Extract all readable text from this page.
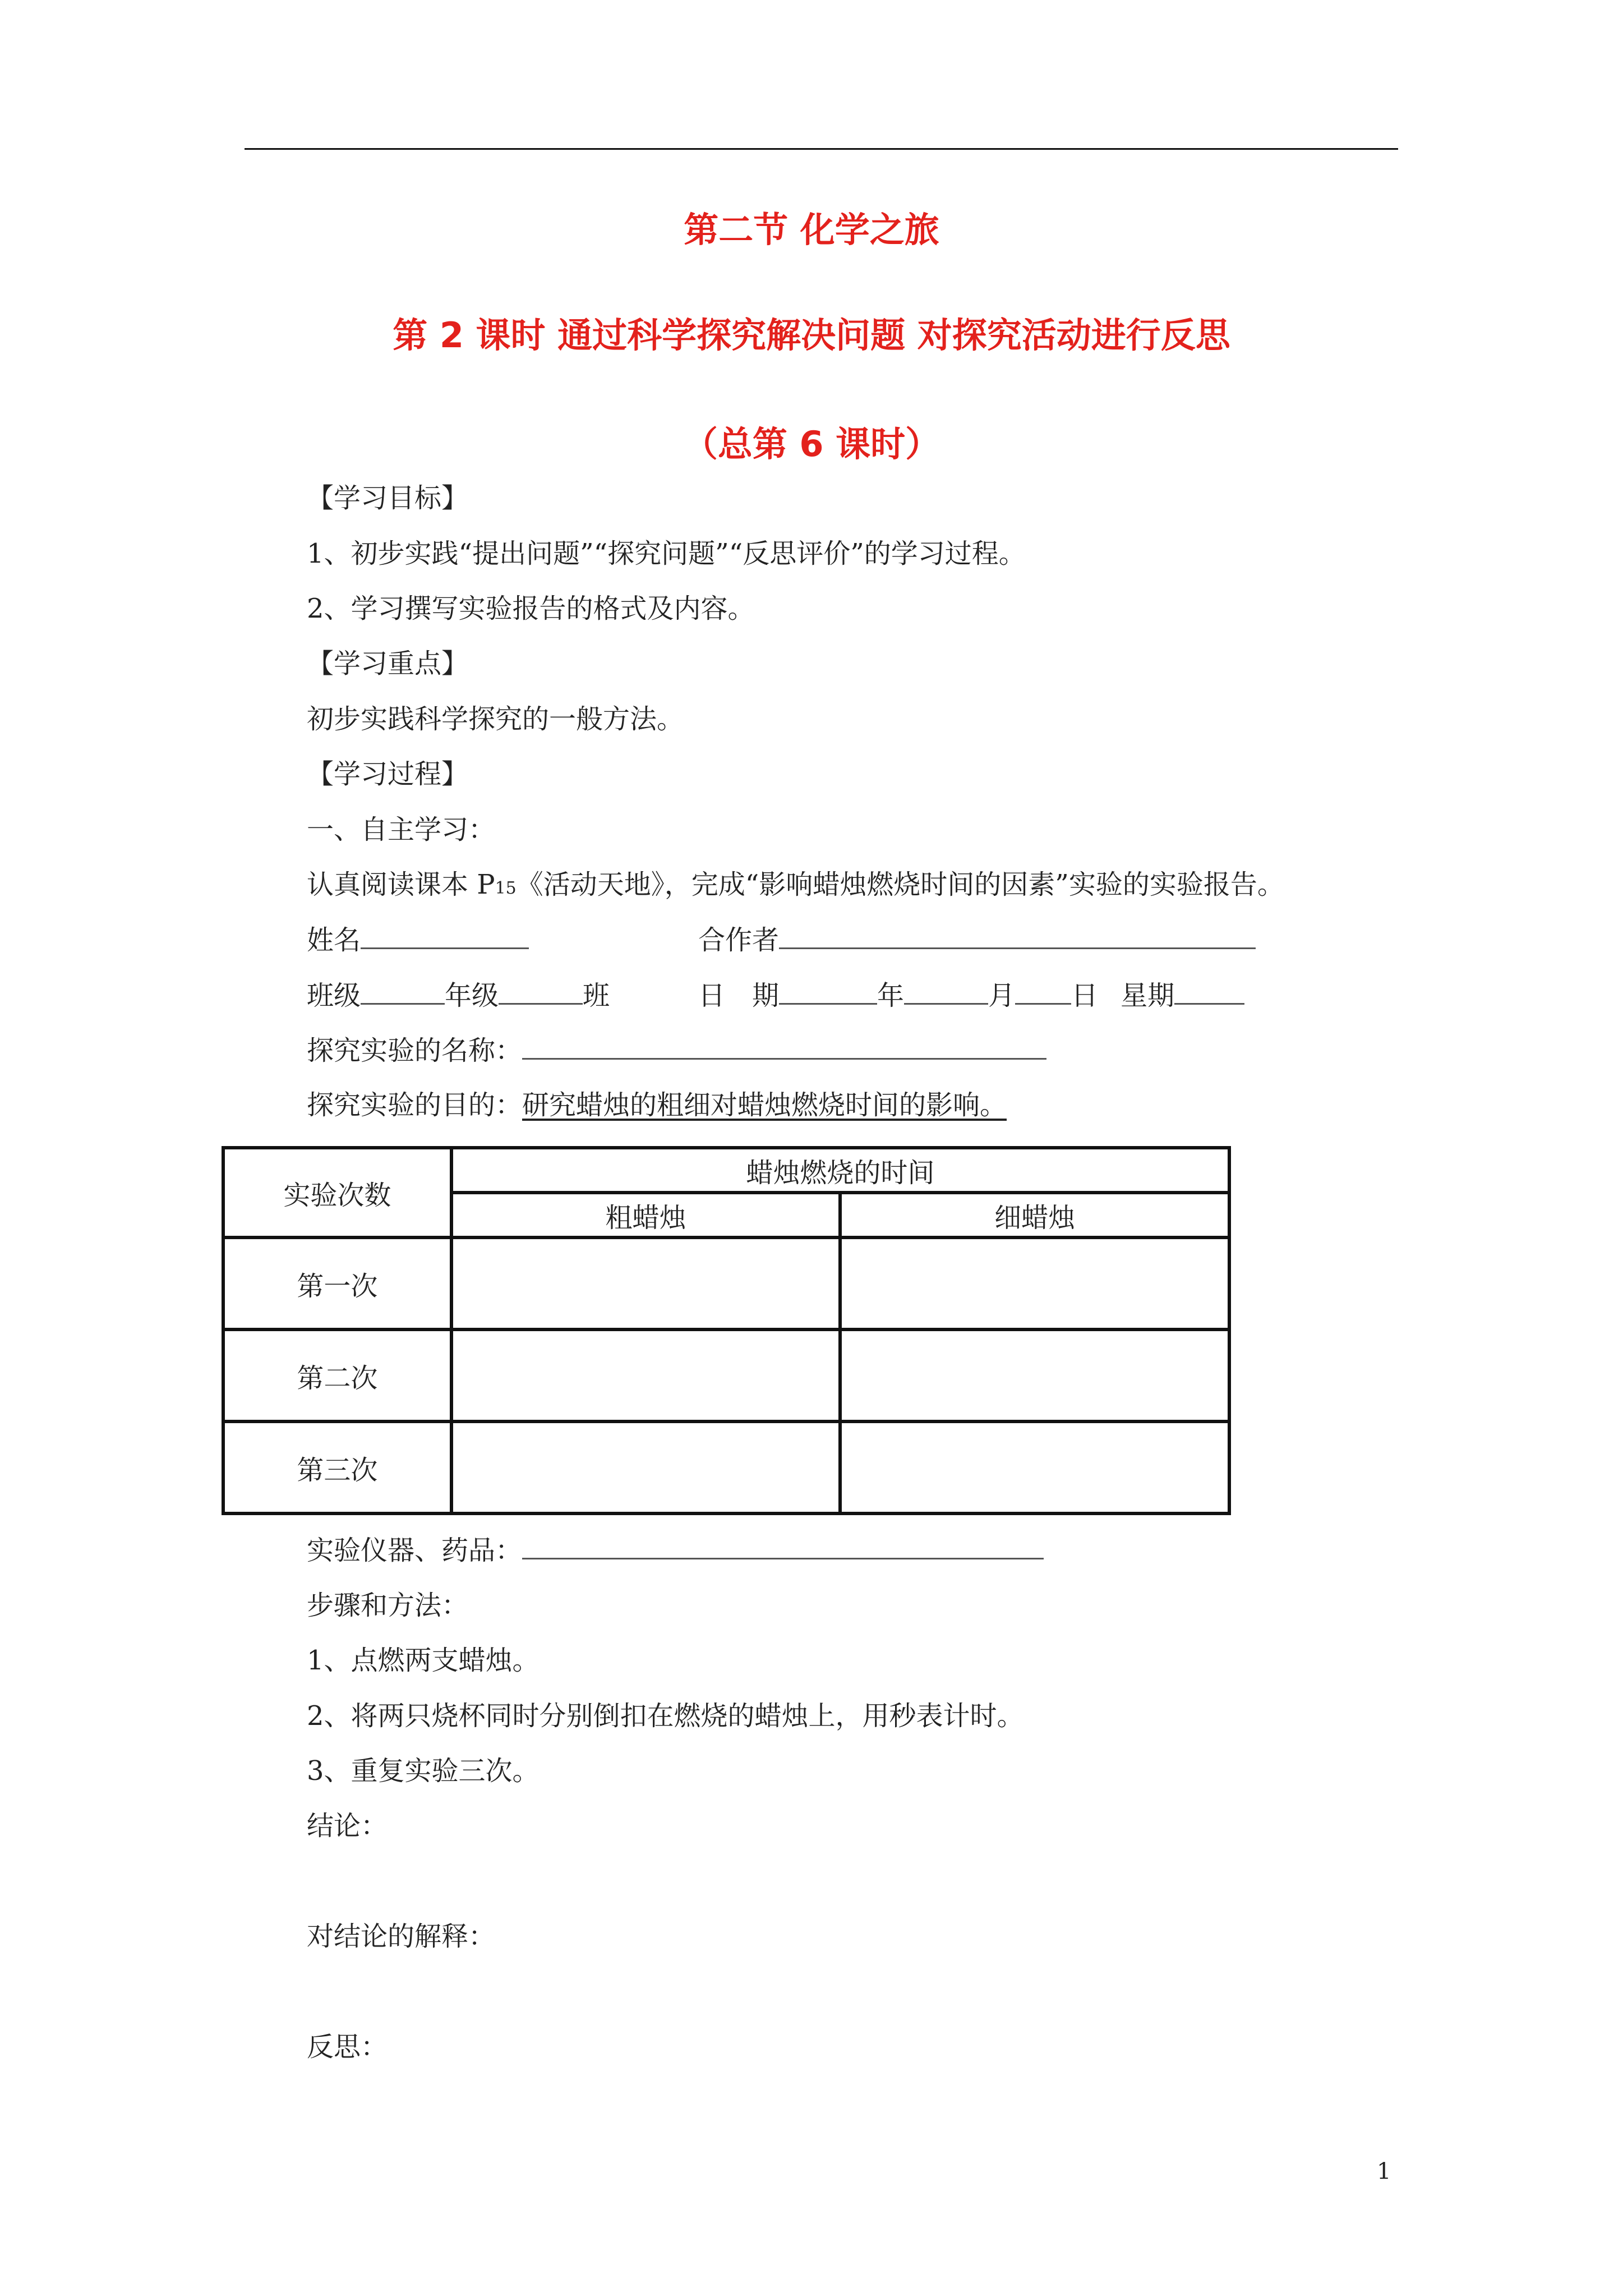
第二节 化学之旅
第 2 课时 通过科学探究解决问题 对探究活动进行反思
（总第 6 课时）
【学习目标】
1、初步实践“提出问题”“探究问题”“反思评价”的学习过程。
2、学习撰写实验报告的格式及内容。
【学习重点】
初步实践科学探究的一般方法。
【学习过程】
一、自主学习：
认真阅读课本 P15《活动天地》，完成“影响蜡烛燃烧时间的因素”实验的实验报告。
姓名	合作者
班级	年级	班	日　期	年	月 日 星期
探究实验的名称：
探究实验的目的：研究蜡烛的粗细对蜡烛燃烧时间的影响。
实验次数	蜡烛燃烧的时间	
	粗蜡烛	细蜡烛
第一次		
第二次		
第三次		
实验仪器、药品：
步骤和方法：
1、点燃两支蜡烛。
2、将两只烧杯同时分别倒扣在燃烧的蜡烛上，用秒表计时。
3、重复实验三次。
结论：
对结论的解释：
反思：
1
